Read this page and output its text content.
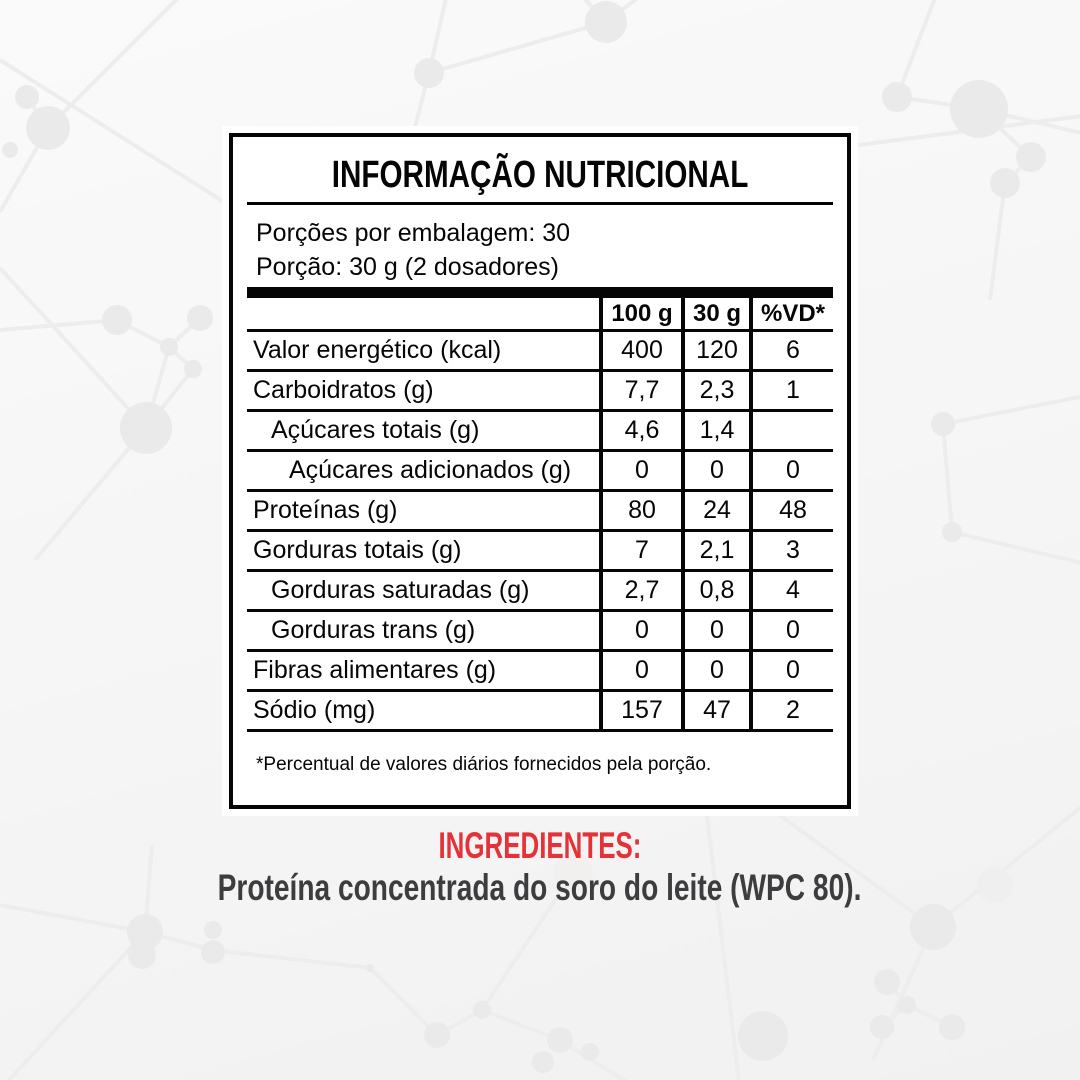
INFORMAÇÃO NUTRICIONAL
Porções por embalagem: 30
Porção: 30 g (2 dosadores)
	100 g	30 g	%VD*
Valor energético (kcal)	400	120	6
Carboidratos (g)	7,7	2,3	1
Açúcares totais (g)	4,6	1,4	
Açúcares adicionados (g)	0	0	0
Proteínas (g)	80	24	48
Gorduras totais (g)	7	2,1	3
Gorduras saturadas (g)	2,7	0,8	4
Gorduras trans (g)	0	0	0
Fibras alimentares (g)	0	0	0
Sódio (mg)	157	47	2
*Percentual de valores diários fornecidos pela porção.
INGREDIENTES:
Proteína concentrada do soro do leite (WPC 80).
